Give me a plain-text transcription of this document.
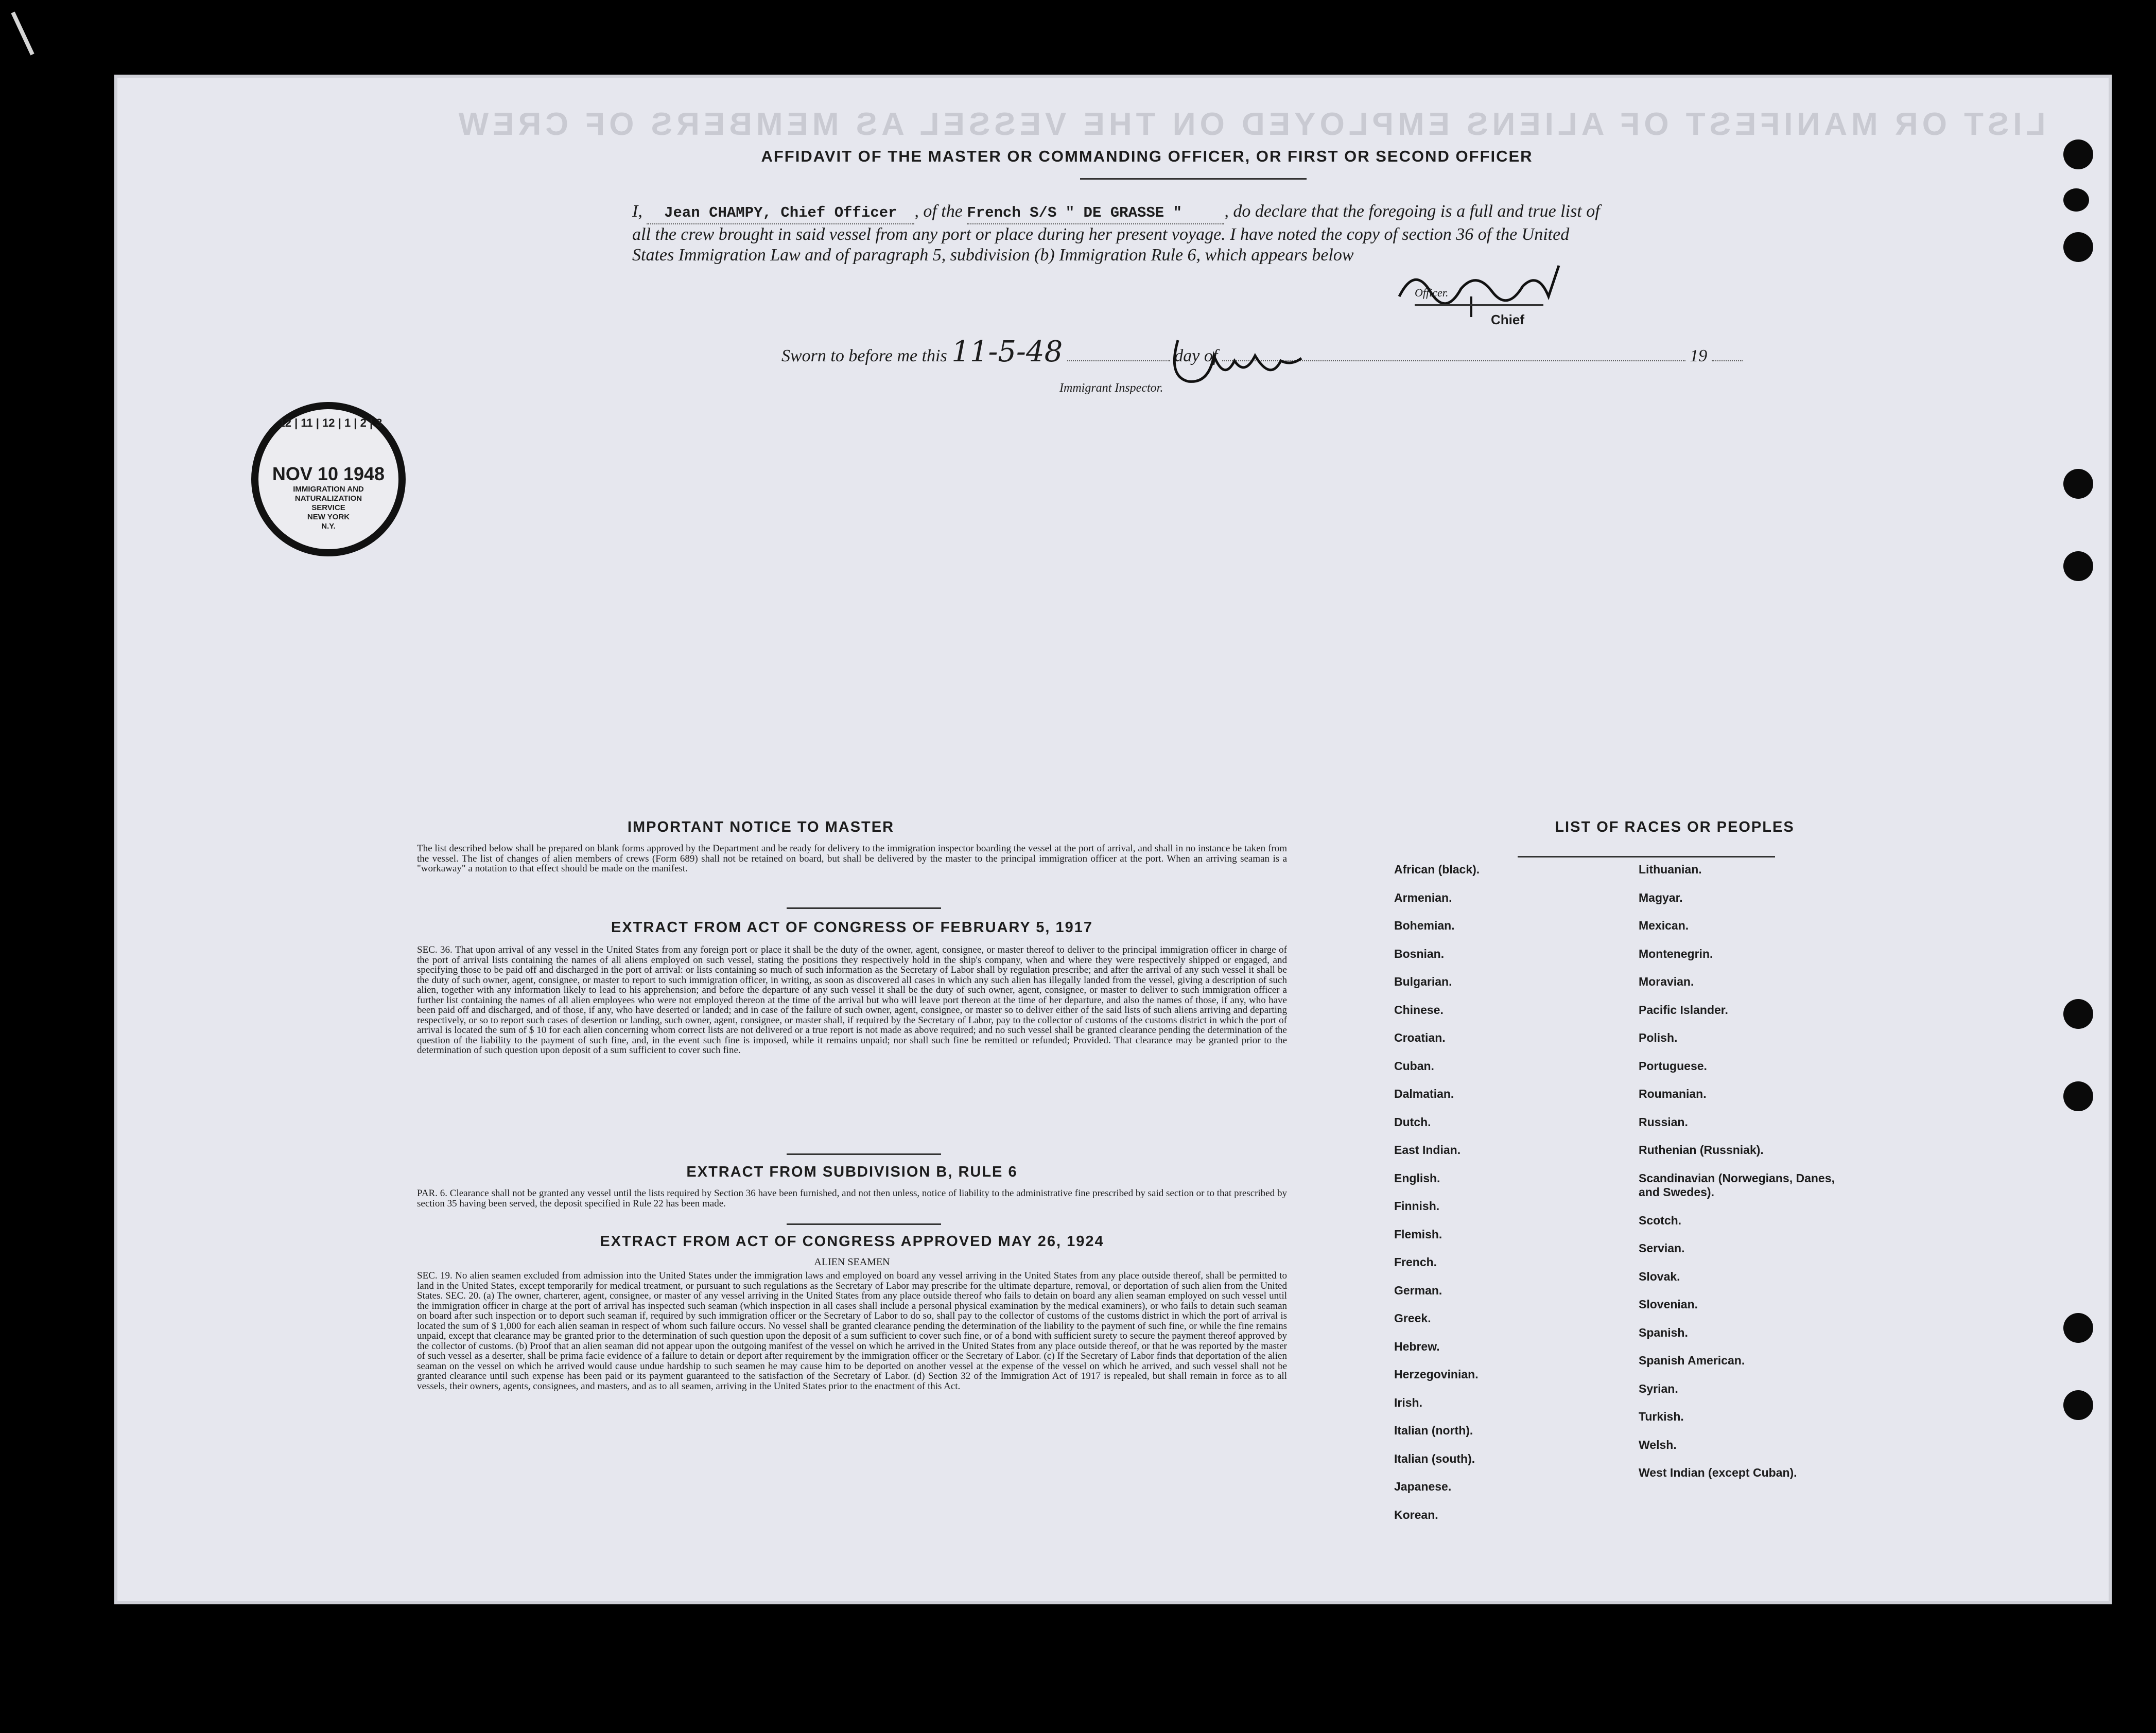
LIST OR MANIFEST OF ALIENS EMPLOYED ON THE VESSEL AS MEMBERS OF CREW
AFFIDAVIT OF THE MASTER OR COMMANDING OFFICER, OR FIRST OR SECOND OFFICER
I, Jean CHAMPY, Chief Officer , of the French S/S " DE GRASSE " , do declare that the foregoing is a full and true list of all the crew brought in said vessel from any port or place during her present voyage. I have noted the copy of section 36 of the United States Immigration Law and of paragraph 5, subdivision (b) Immigration Rule 6, which appears below
Officer.
Chief
Sworn to before me this 11-5-48	day of	19
Immigrant Inspector.
12 | 11 | 12 | 1 | 2 | 3
NOV 10 1948
IMMIGRATION AND
NATURALIZATION
SERVICE
NEW YORK
N.Y.
IMPORTANT NOTICE TO MASTER
The list described below shall be prepared on blank forms approved by the Department and be ready for delivery to the immigration inspector boarding the vessel at the port of arrival, and shall in no instance be taken from the vessel. The list of changes of alien members of crews (Form 689) shall not be retained on board, but shall be delivered by the master to the principal immigration officer at the port. When an arriving seaman is a "workaway" a notation to that effect should be made on the manifest.
EXTRACT FROM ACT OF CONGRESS OF FEBRUARY 5, 1917
SEC. 36. That upon arrival of any vessel in the United States from any foreign port or place it shall be the duty of the owner, agent, consignee, or master thereof to deliver to the principal immigration officer in charge of the port of arrival lists containing the names of all aliens employed on such vessel, stating the positions they respectively hold in the ship's company, when and where they were respectively shipped or engaged, and specifying those to be paid off and discharged in the port of arrival: or lists containing so much of such information as the Secretary of Labor shall by regulation prescribe; and after the arrival of any such vessel it shall be the duty of such owner, agent, consignee, or master to report to such immigration officer, in writing, as soon as discovered all cases in which any such alien has illegally landed from the vessel, giving a description of such alien, together with any information likely to lead to his apprehension; and before the departure of any such vessel it shall be the duty of such owner, agent, consignee, or master to deliver to such immigration officer a further list containing the names of all alien employees who were not employed thereon at the time of the arrival but who will leave port thereon at the time of her departure, and also the names of those, if any, who have been paid off and discharged, and of those, if any, who have deserted or landed; and in case of the failure of such owner, agent, consignee, or master so to deliver either of the said lists of such aliens arriving and departing respectively, or so to report such cases of desertion or landing, such owner, agent, consignee, or master shall, if required by the Secretary of Labor, pay to the collector of customs of the customs district in which the port of arrival is located the sum of $ 10 for each alien concerning whom correct lists are not delivered or a true report is not made as above required; and no such vessel shall be granted clearance pending the determination of the question of the liability to the payment of such fine, and, in the event such fine is imposed, while it remains unpaid; nor shall such fine be remitted or refunded; Provided. That clearance may be granted prior to the determination of such question upon deposit of a sum sufficient to cover such fine.
EXTRACT FROM SUBDIVISION B, RULE 6
PAR. 6. Clearance shall not be granted any vessel until the lists required by Section 36 have been furnished, and not then unless, notice of liability to the administrative fine prescribed by said section or to that prescribed by section 35 having been served, the deposit specified in Rule 22 has been made.
EXTRACT FROM ACT OF CONGRESS APPROVED MAY 26, 1924
ALIEN SEAMEN
SEC. 19. No alien seamen excluded from admission into the United States under the immigration laws and employed on board any vessel arriving in the United States from any place outside thereof, shall be permitted to land in the United States, except temporarily for medical treatment, or pursuant to such regulations as the Secretary of Labor may prescribe for the ultimate departure, removal, or deportation of such alien from the United States. SEC. 20. (a) The owner, charterer, agent, consignee, or master of any vessel arriving in the United States from any place outside thereof who fails to detain on board any alien seaman employed on such vessel until the immigration officer in charge at the port of arrival has inspected such seaman (which inspection in all cases shall include a personal physical examination by the medical examiners), or who fails to detain such seaman on board after such inspection or to deport such seaman if, required by such immigration officer or the Secretary of Labor to do so, shall pay to the collector of customs of the customs district in which the port of arrival is located the sum of $ 1,000 for each alien seaman in respect of whom such failure occurs. No vessel shall be granted clearance pending the determination of the liability to the payment of such fine, or while the fine remains unpaid, except that clearance may be granted prior to the determination of such question upon the deposit of a sum sufficient to cover such fine, or of a bond with sufficient surety to secure the payment thereof approved by the collector of customs. (b) Proof that an alien seaman did not appear upon the outgoing manifest of the vessel on which he arrived in the United States from any place outside thereof, or that he was reported by the master of such vessel as a deserter, shall be prima facie evidence of a failure to detain or deport after requirement by the immigration officer or the Secretary of Labor. (c) If the Secretary of Labor finds that deportation of the alien seaman on the vessel on which he arrived would cause undue hardship to such seamen he may cause him to be deported on another vessel at the expense of the vessel on which he arrived, and such vessel shall not be granted clearance until such expense has been paid or its payment guaranteed to the satisfaction of the Secretary of Labor. (d) Section 32 of the Immigration Act of 1917 is repealed, but shall remain in force as to all vessels, their owners, agents, consignees, and masters, and as to all seamen, arriving in the United States prior to the enactment of this Act.
LIST OF RACES OR PEOPLES
African (black).
Armenian.
Bohemian.
Bosnian.
Bulgarian.
Chinese.
Croatian.
Cuban.
Dalmatian.
Dutch.
East Indian.
English.
Finnish.
Flemish.
French.
German.
Greek.
Hebrew.
Herzegovinian.
Irish.
Italian (north).
Italian (south).
Japanese.
Korean.
Lithuanian.
Magyar.
Mexican.
Montenegrin.
Moravian.
Pacific Islander.
Polish.
Portuguese.
Roumanian.
Russian.
Ruthenian (Russniak).
Scandinavian (Norwegians, Danes, and Swedes).
Scotch.
Servian.
Slovak.
Slovenian.
Spanish.
Spanish American.
Syrian.
Turkish.
Welsh.
West Indian (except Cuban).
